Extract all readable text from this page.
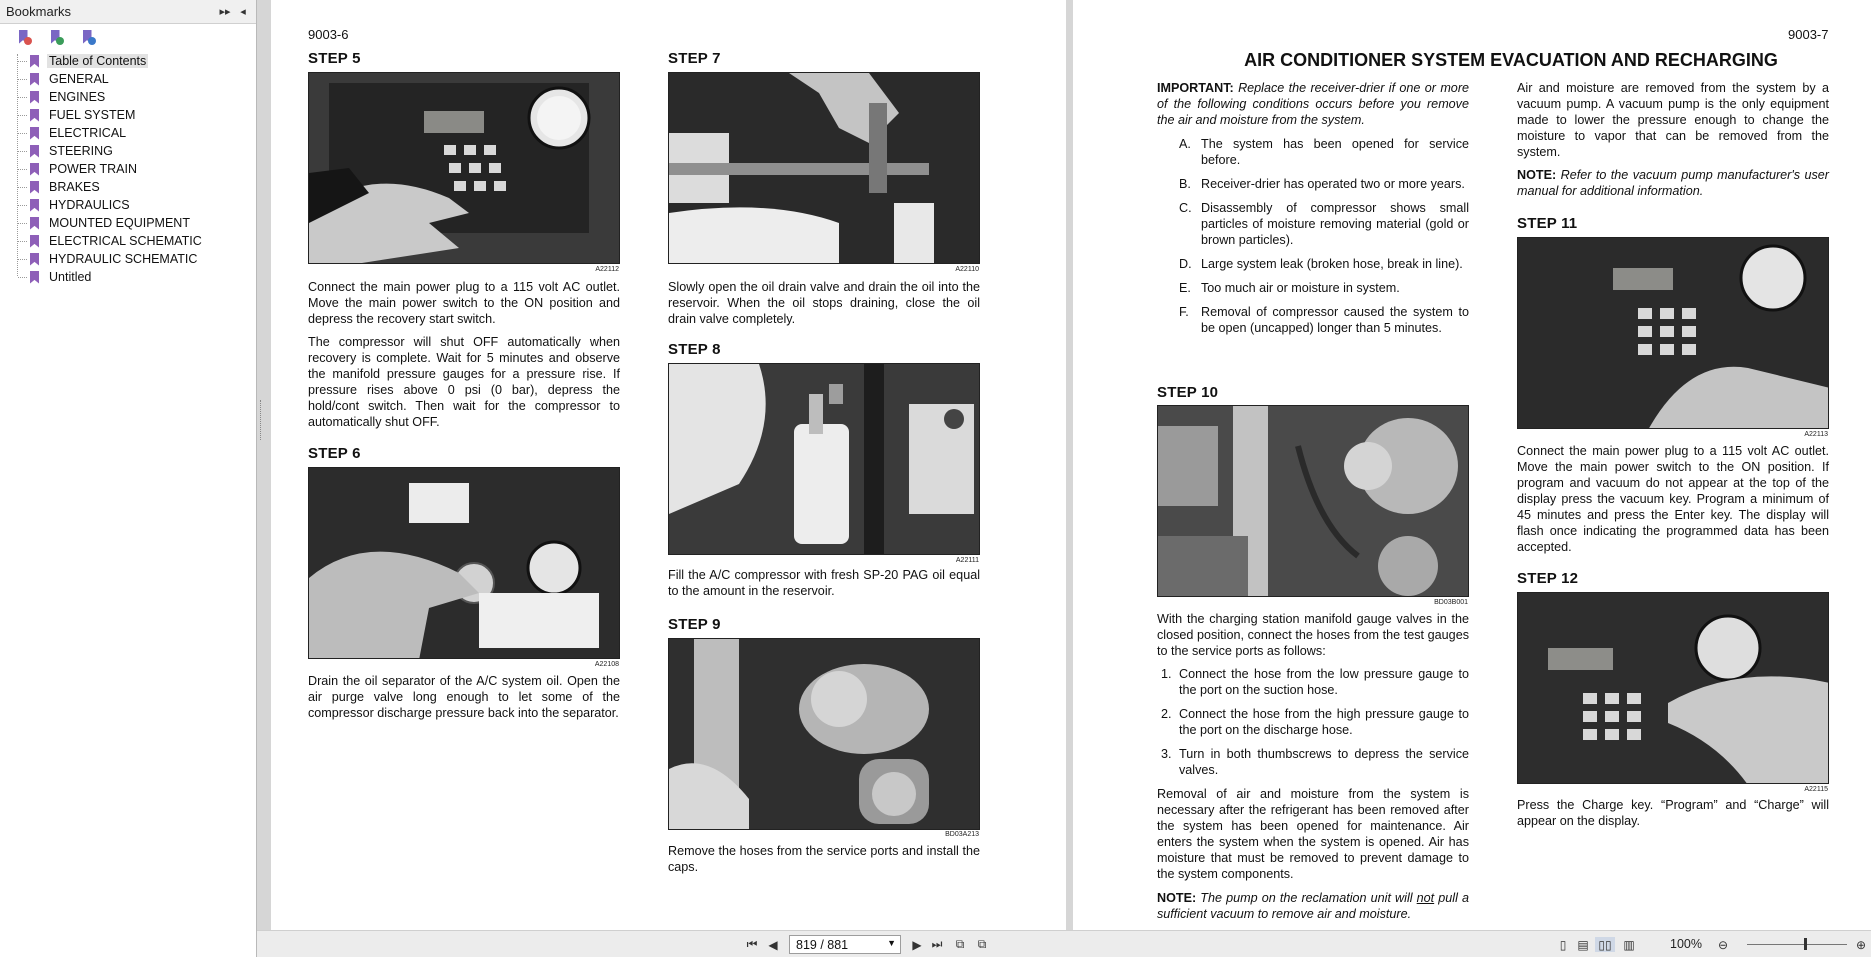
Bookmarks	▸▸ ◂
Table of Contents
GENERAL
ENGINES
FUEL SYSTEM
ELECTRICAL
STEERING
POWER TRAIN
BRAKES
HYDRAULICS
MOUNTED EQUIPMENT
ELECTRICAL SCHEMATIC
HYDRAULIC SCHEMATIC
Untitled
9003-6
STEP 5
A22112
Connect the main power plug to a 115 volt AC outlet. Move the main power switch to the ON position and depress the recovery start switch.
The compressor will shut OFF automatically when recovery is complete. Wait for 5 minutes and observe the manifold pressure gauges for a pressure rise. If pressure rises above 0 psi (0 bar), depress the hold/cont switch. Then wait for the compressor to automatically shut OFF.
STEP 6
A22108
Drain the oil separator of the A/C system oil. Open the air purge valve long enough to let some of the compressor discharge pressure back into the separator.
STEP 7
A22110
Slowly open the oil drain valve and drain the oil into the reservoir. When the oil stops draining, close the oil drain valve completely.
STEP 8
A22111
Fill the A/C compressor with fresh SP-20 PAG oil equal to the amount in the reservoir.
STEP 9
BD03A213
Remove the hoses from the service ports and install the caps.
9003-7
AIR CONDITIONER SYSTEM EVACUATION AND RECHARGING
IMPORTANT: Replace the receiver-drier if one or more of the following conditions occurs before you remove the air and moisture from the system.
A. The system has been opened for service before.
B. Receiver-drier has operated two or more years.
C. Disassembly of compressor shows small particles of moisture removing material (gold or brown particles).
D. Large system leak (broken hose, break in line).
E. Too much air or moisture in system.
F. Removal of compressor caused the system to be open (uncapped) longer than 5 minutes.
STEP 10
BD03B001
With the charging station manifold gauge valves in the closed position, connect the hoses from the test gauges to the service ports as follows:
1. Connect the hose from the low pressure gauge to the port on the suction hose.
2. Connect the hose from the high pressure gauge to the port on the discharge hose.
3. Turn in both thumbscrews to depress the service valves.
Removal of air and moisture from the system is necessary after the refrigerant has been removed after the system has been opened for maintenance. Air enters the system when the system is opened. Air has moisture that must be removed to prevent damage to the system components.
NOTE: The pump on the reclamation unit will not pull a sufficient vacuum to remove air and moisture.
Air and moisture are removed from the system by a vacuum pump. A vacuum pump is the only equipment made to lower the pressure enough to change the moisture to vapor that can be removed from the system.
NOTE: Refer to the vacuum pump manufacturer's user manual for additional information.
STEP 11
A22113
Connect the main power plug to a 115 volt AC outlet. Move the main power switch to the ON position. If program and vacuum do not appear at the top of the display press the vacuum key. Program a minimum of 45 minutes and press the Enter key. The display will flash once indicating the programmed data has been accepted.
STEP 12
A22115
Press the Charge key. “Program” and “Charge” will appear on the display.
⏮ ◀ 819 / 881	▼ ▶ ⏭	⧉	⧉	▯ ▤ ▯▯ ▥	100% ⊖	⊕
